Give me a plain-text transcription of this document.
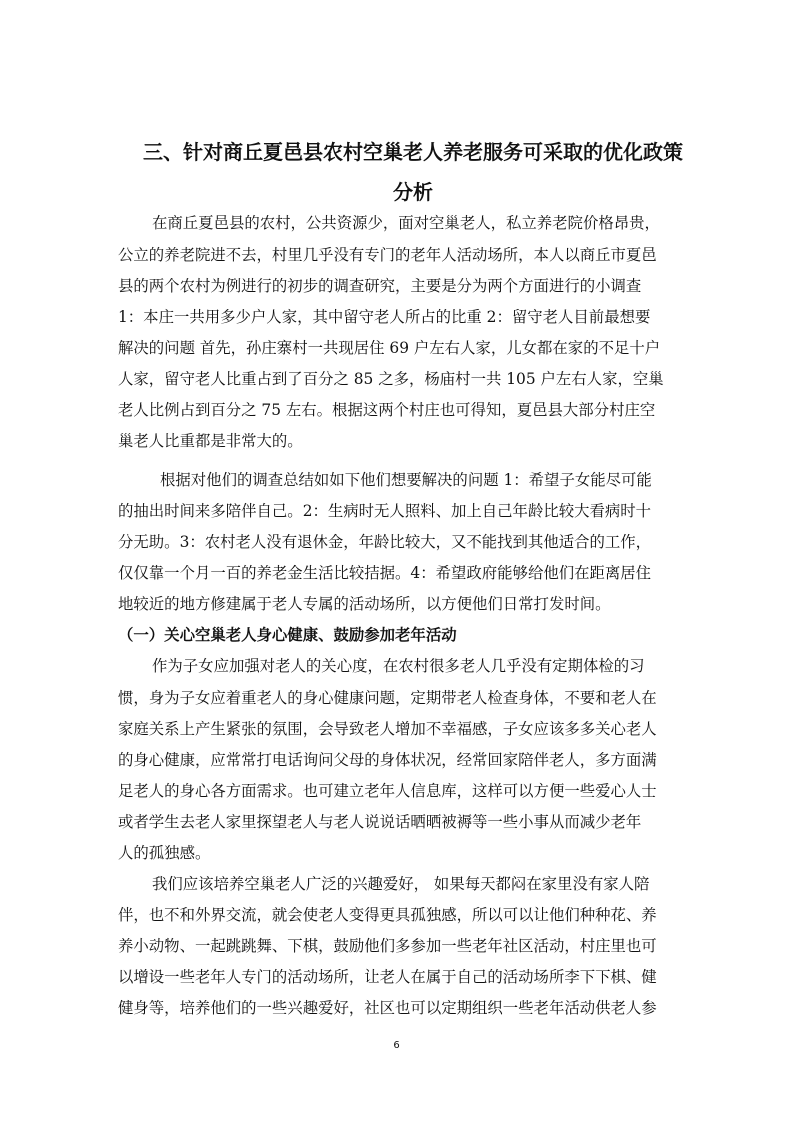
三、针对商丘夏邑县农村空巢老人养老服务可采取的优化政策
分析
在商丘夏邑县的农村，公共资源少，面对空巢老人，私立养老院价格昂贵，
公立的养老院进不去，村里几乎没有专门的老年人活动场所，本人以商丘市夏邑
县的两个农村为例进行的初步的调查研究，主要是分为两个方面进行的小调查
1：本庄一共用多少户人家，其中留守老人所占的比重 2：留守老人目前最想要
解决的问题 首先，孙庄寨村一共现居住 69 户左右人家，儿女都在家的不足十户
人家，留守老人比重占到了百分之 85 之多，杨庙村一共 105 户左右人家，空巢
老人比例占到百分之 75 左右。根据这两个村庄也可得知，夏邑县大部分村庄空
巢老人比重都是非常大的。
根据对他们的调查总结如如下他们想要解决的问题 1：希望子女能尽可能
的抽出时间来多陪伴自己。2：生病时无人照料、加上自己年龄比较大看病时十
分无助。3：农村老人没有退休金，年龄比较大，又不能找到其他适合的工作，
仅仅靠一个月一百的养老金生活比较拮据。4：希望政府能够给他们在距离居住
地较近的地方修建属于老人专属的活动场所，以方便他们日常打发时间。
（一）关心空巢老人身心健康、鼓励参加老年活动
作为子女应加强对老人的关心度，在农村很多老人几乎没有定期体检的习
惯，身为子女应着重老人的身心健康问题，定期带老人检查身体，不要和老人在
家庭关系上产生紧张的氛围，会导致老人增加不幸福感，子女应该多多关心老人
的身心健康，应常常打电话询问父母的身体状况，经常回家陪伴老人，多方面满
足老人的身心各方面需求。也可建立老年人信息库，这样可以方便一些爱心人士
或者学生去老人家里探望老人与老人说说话晒晒被褥等一些小事从而减少老年
人的孤独感。
我们应该培养空巢老人广泛的兴趣爱好， 如果每天都闷在家里没有家人陪
伴，也不和外界交流，就会使老人变得更具孤独感，所以可以让他们种种花、养
养小动物、一起跳跳舞、下棋，鼓励他们多参加一些老年社区活动，村庄里也可
以增设一些老年人专门的活动场所，让老人在属于自己的活动场所李下下棋、健
健身等，培养他们的一些兴趣爱好，社区也可以定期组织一些老年活动供老人参
6
